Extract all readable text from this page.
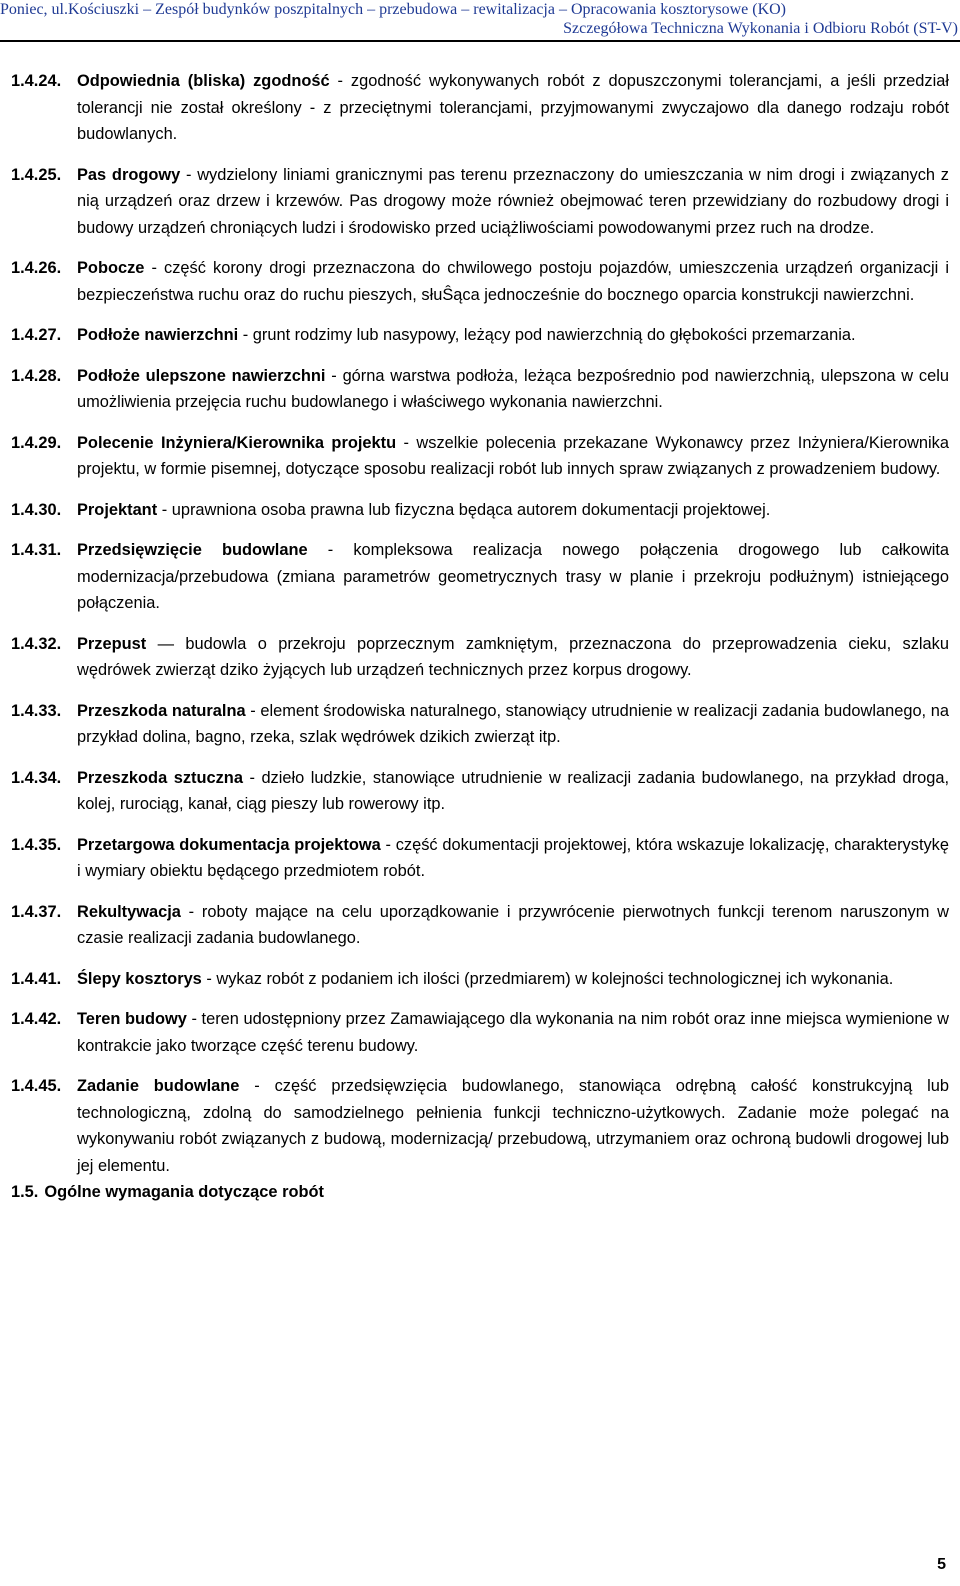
Poniec, ul.Kościuszki – Zespół budynków poszpitalnych – przebudowa – rewitalizacja – Opracowania kosztorysowe (KO)
Szczegółowa Techniczna Wykonania i Odbioru Robót (ST-V)
1.4.24. Odpowiednia (bliska) zgodność - zgodność wykonywanych robót z dopuszczonymi tolerancjami, a jeśli przedział tolerancji nie został określony - z przeciętnymi tolerancjami, przyjmowanymi zwyczajowo dla danego rodzaju robót budowlanych.
1.4.25. Pas drogowy - wydzielony liniami granicznymi pas terenu przeznaczony do umieszczania w nim drogi i związanych z nią urządzeń oraz drzew i krzewów. Pas drogowy może również obejmować teren przewidziany do rozbudowy drogi i budowy urządzeń chroniących ludzi i środowisko przed uciążliwościami powodowanymi przez ruch na drodze.
1.4.26. Pobocze - część korony drogi przeznaczona do chwilowego postoju pojazdów, umieszczenia urządzeń organizacji i bezpieczeństwa ruchu oraz do ruchu pieszych, słuŜąca jednocześnie do bocznego oparcia konstrukcji nawierzchni.
1.4.27. Podłoże nawierzchni - grunt rodzimy lub nasypowy, leżący pod nawierzchnią do głębokości przemarzania.
1.4.28. Podłoże ulepszone nawierzchni - górna warstwa podłoża, leżąca bezpośrednio pod nawierzchnią, ulepszona w celu umożliwienia przejęcia ruchu budowlanego i właściwego wykonania nawierzchni.
1.4.29. Polecenie Inżyniera/Kierownika projektu - wszelkie polecenia przekazane Wykonawcy przez Inżyniera/Kierownika projektu, w formie pisemnej, dotyczące sposobu realizacji robót lub innych spraw związanych z prowadzeniem budowy.
1.4.30. Projektant - uprawniona osoba prawna lub fizyczna będąca autorem dokumentacji projektowej.
1.4.31. Przedsięwzięcie budowlane - kompleksowa realizacja nowego połączenia drogowego lub całkowita modernizacja/przebudowa (zmiana parametrów geometrycznych trasy w planie i przekroju podłużnym) istniejącego połączenia.
1.4.32. Przepust — budowla o przekroju poprzecznym zamkniętym, przeznaczona do przeprowadzenia cieku, szlaku wędrówek zwierząt dziko żyjących lub urządzeń technicznych przez korpus drogowy.
1.4.33. Przeszkoda naturalna - element środowiska naturalnego, stanowiący utrudnienie w realizacji zadania budowlanego, na przykład dolina, bagno, rzeka, szlak wędrówek dzikich zwierząt itp.
1.4.34. Przeszkoda sztuczna - dzieło ludzkie, stanowiące utrudnienie w realizacji zadania budowlanego, na przykład droga, kolej, rurociąg, kanał, ciąg pieszy lub rowerowy itp.
1.4.35. Przetargowa dokumentacja projektowa - część dokumentacji projektowej, która wskazuje lokalizację, charakterystykę i wymiary obiektu będącego przedmiotem robót.
1.4.37. Rekultywacja - roboty mające na celu uporządkowanie i przywrócenie pierwotnych funkcji terenom naruszonym w czasie realizacji zadania budowlanego.
1.4.41. Ślepy kosztorys - wykaz robót z podaniem ich ilości (przedmiarem) w kolejności technologicznej ich wykonania.
1.4.42. Teren budowy - teren udostępniony przez Zamawiającego dla wykonania na nim robót oraz inne miejsca wymienione w kontrakcie jako tworzące część terenu budowy.
1.4.45. Zadanie budowlane - część przedsięwzięcia budowlanego, stanowiąca odrębną całość konstrukcyjną lub technologiczną, zdolną do samodzielnego pełnienia funkcji techniczno-użytkowych. Zadanie może polegać na wykonywaniu robót związanych z budową, modernizacją/ przebudową, utrzymaniem oraz ochroną budowli drogowej lub jej elementu.
1.5. Ogólne wymagania dotyczące robót
5
